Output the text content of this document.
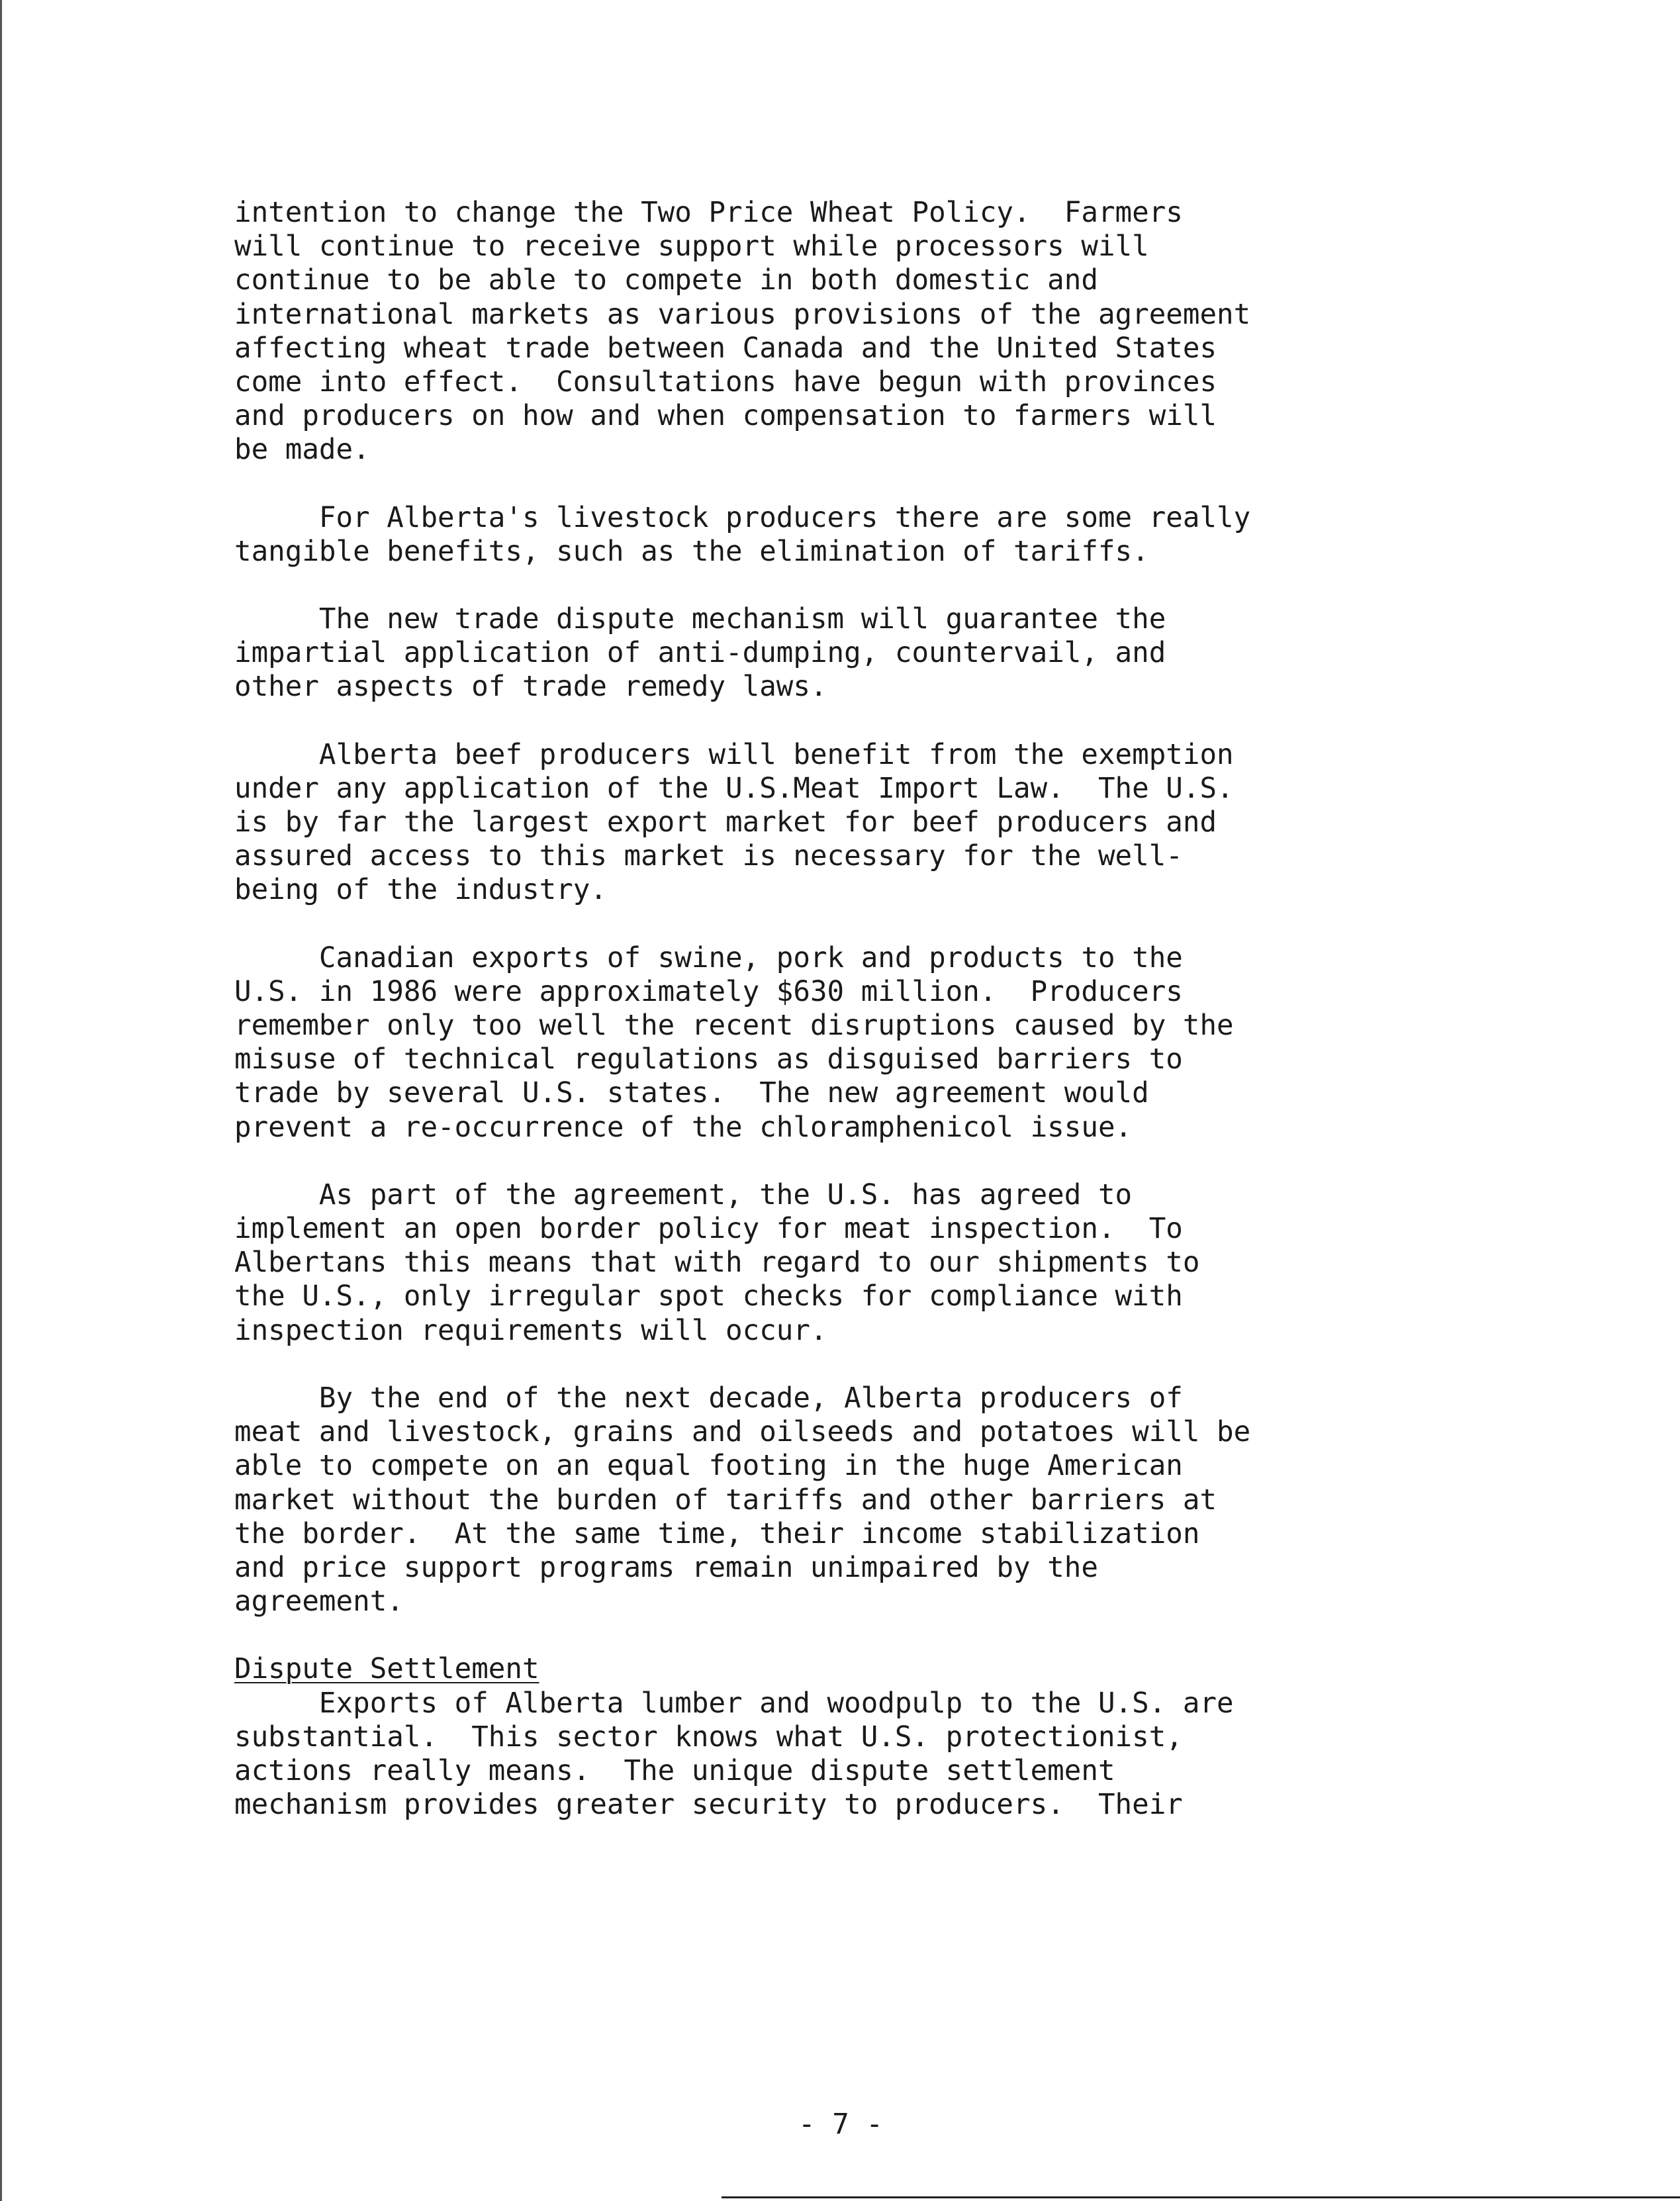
intention to change the Two Price Wheat Policy.  Farmers
will continue to receive support while processors will
continue to be able to compete in both domestic and
international markets as various provisions of the agreement
affecting wheat trade between Canada and the United States
come into effect.  Consultations have begun with provinces
and producers on how and when compensation to farmers will
be made.

For Alberta's livestock producers there are some really
tangible benefits, such as the elimination of tariffs.

The new trade dispute mechanism will guarantee the
impartial application of anti-dumping, countervail, and
other aspects of trade remedy laws.

Alberta beef producers will benefit from the exemption
under any application of the U.S.Meat Import Law.  The U.S.
is by far the largest export market for beef producers and
assured access to this market is necessary for the well-
being of the industry.

Canadian exports of swine, pork and products to the
U.S. in 1986 were approximately $630 million.  Producers
remember only too well the recent disruptions caused by the
misuse of technical regulations as disguised barriers to
trade by several U.S. states.  The new agreement would
prevent a re-occurrence of the chloramphenicol issue.

As part of the agreement, the U.S. has agreed to
implement an open border policy for meat inspection.  To
Albertans this means that with regard to our shipments to
the U.S., only irregular spot checks for compliance with
inspection requirements will occur.

By the end of the next decade, Alberta producers of
meat and livestock, grains and oilseeds and potatoes will be
able to compete on an equal footing in the huge American
market without the burden of tariffs and other barriers at
the border.  At the same time, their income stabilization
and price support programs remain unimpaired by the
agreement.

Dispute Settlement
Exports of Alberta lumber and woodpulp to the U.S. are
substantial.  This sector knows what U.S. protectionist,
actions really means.  The unique dispute settlement
mechanism provides greater security to producers.  Their
- 7 -
